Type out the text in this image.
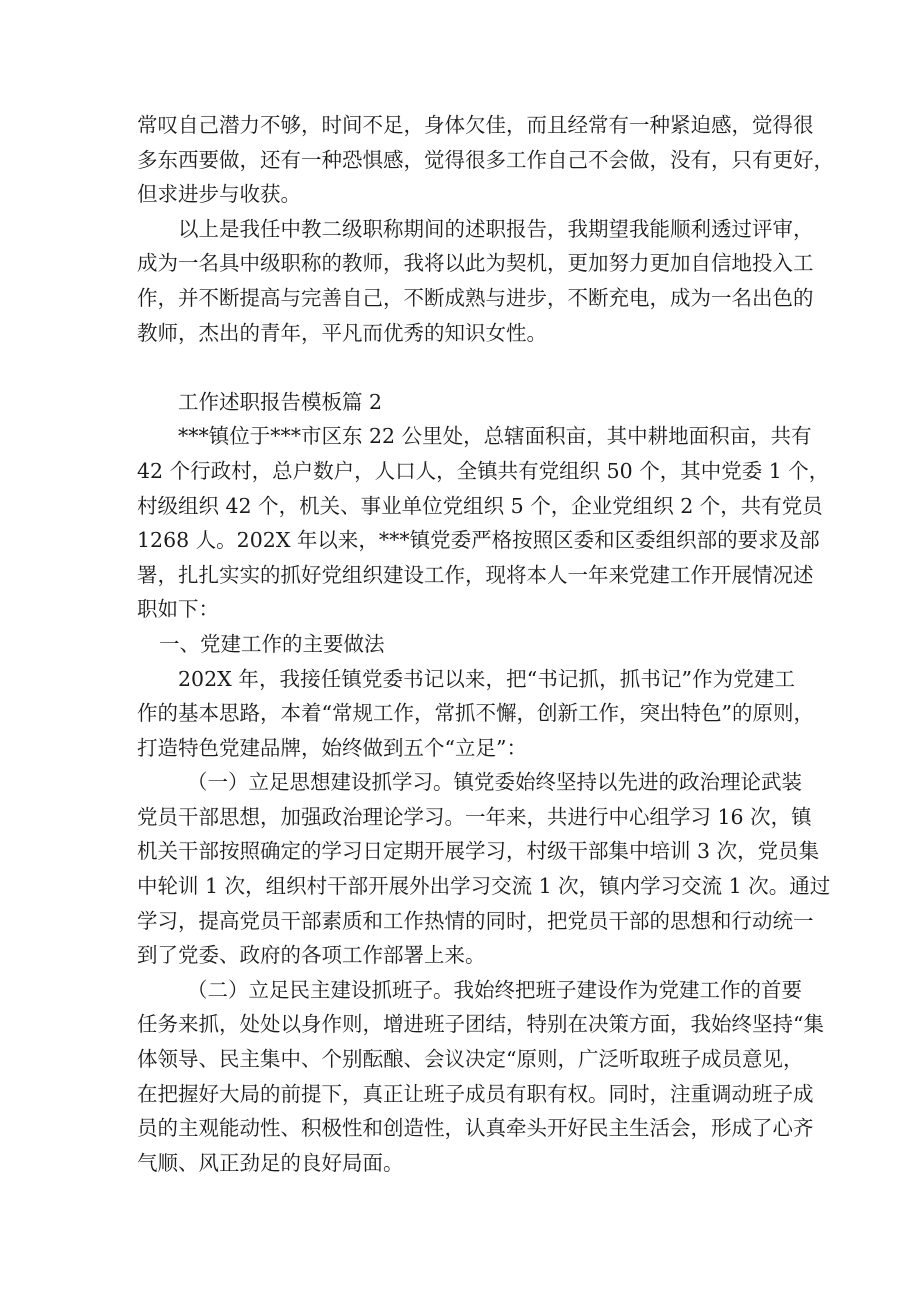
常叹自己潜力不够，时间不足，身体欠佳，而且经常有一种紧迫感，觉得很
多东西要做，还有一种恐惧感，觉得很多工作自己不会做，没有，只有更好，
但求进步与收获。
以上是我任中教二级职称期间的述职报告，我期望我能顺利透过评审，
成为一名具中级职称的教师，我将以此为契机，更加努力更加自信地投入工
作，并不断提高与完善自己，不断成熟与进步，不断充电，成为一名出色的
教师，杰出的青年，平凡而优秀的知识女性。
工作述职报告模板篇 2
***镇位于***市区东 22 公里处，总辖面积亩，其中耕地面积亩，共有
42 个行政村，总户数户，人口人，全镇共有党组织 50 个，其中党委 1 个，
村级组织 42 个，机关、事业单位党组织 5 个，企业党组织 2 个，共有党员
1268 人。202X 年以来，***镇党委严格按照区委和区委组织部的要求及部
署，扎扎实实的抓好党组织建设工作，现将本人一年来党建工作开展情况述
职如下：
一、党建工作的主要做法
202X 年，我接任镇党委书记以来，把“书记抓，抓书记”作为党建工
作的基本思路，本着“常规工作，常抓不懈，创新工作，突出特色”的原则，
打造特色党建品牌，始终做到五个“立足”：
（一）立足思想建设抓学习。镇党委始终坚持以先进的政治理论武装
党员干部思想，加强政治理论学习。一年来，共进行中心组学习 16 次，镇
机关干部按照确定的学习日定期开展学习，村级干部集中培训 3 次，党员集
中轮训 1 次，组织村干部开展外出学习交流 1 次，镇内学习交流 1 次。通过
学习，提高党员干部素质和工作热情的同时，把党员干部的思想和行动统一
到了党委、政府的各项工作部署上来。
（二）立足民主建设抓班子。我始终把班子建设作为党建工作的首要
任务来抓，处处以身作则，增进班子团结，特别在决策方面，我始终坚持“集
体领导、民主集中、个别酝酿、会议决定“原则，广泛听取班子成员意见，
在把握好大局的前提下，真正让班子成员有职有权。同时，注重调动班子成
员的主观能动性、积极性和创造性，认真牵头开好民主生活会，形成了心齐
气顺、风正劲足的良好局面。
